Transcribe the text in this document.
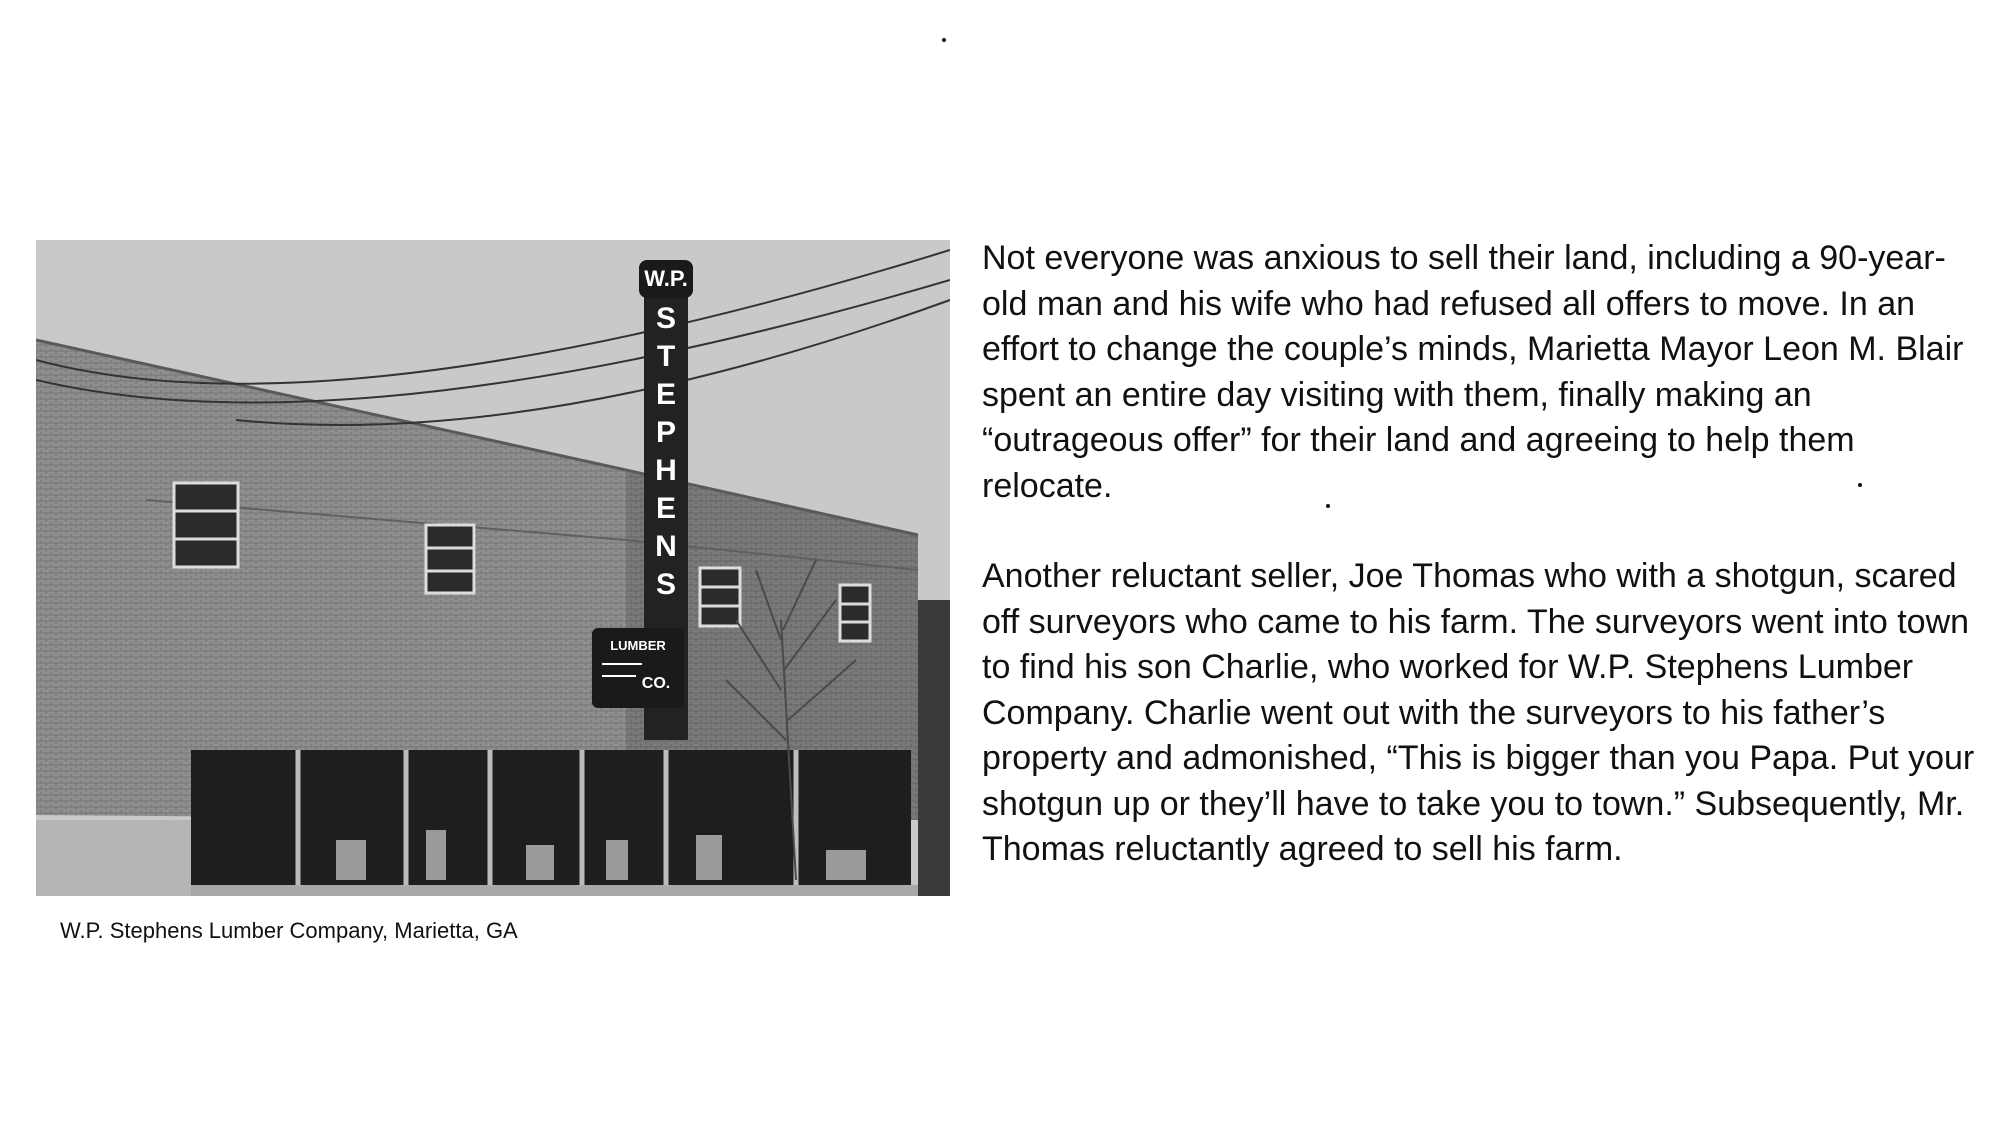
W.P.
S
T
E
P
H
E
N
S
LUMBER
CO.
W.P. Stephens Lumber Company, Marietta, GA

Not everyone was anxious to sell their land, including a 90-year-old man and his wife who had refused all offers to move. In an effort to change the couple’s minds, Marietta Mayor Leon M. Blair spent an entire day visiting with them, finally making an “outrageous offer” for their land and agreeing to help them relocate.

Another reluctant seller, Joe Thomas who with a shotgun, scared off surveyors who came to his farm. The surveyors went into town to find his son Charlie, who worked for W.P. Stephens Lumber Company. Charlie went out with the surveyors to his father’s property and admonished, “This is bigger than you Papa. Put your shotgun up or they’ll have to take you to town.” Subsequently, Mr. Thomas reluctantly agreed to sell his farm.
